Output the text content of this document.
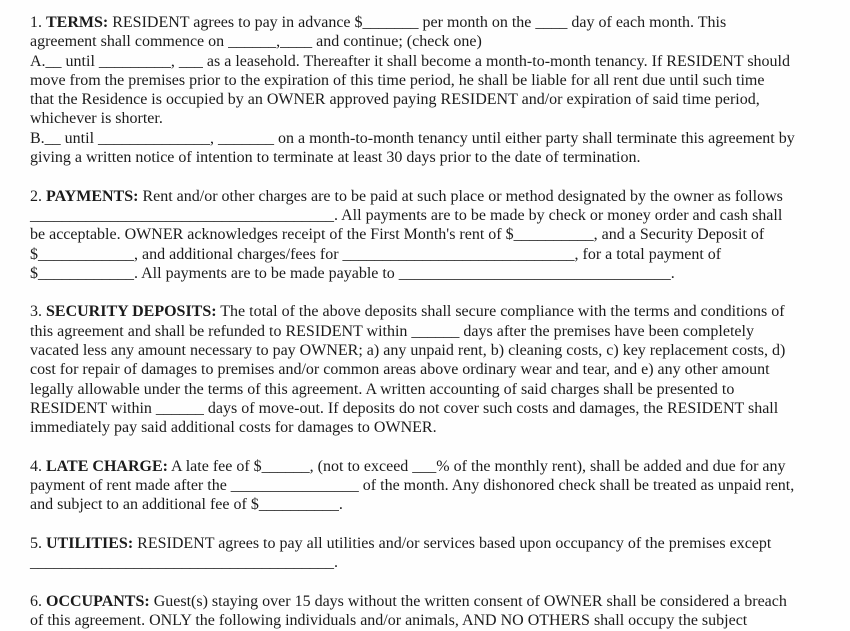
1. TERMS: RESIDENT agrees to pay in advance $_______ per month on the ____ day of each month. This
agreement shall commence on ______,____ and continue; (check one)
A.__ until _________, ___ as a leasehold. Thereafter it shall become a month-to-month tenancy. If RESIDENT should
move from the premises prior to the expiration of this time period, he shall be liable for all rent due until such time
that the Residence is occupied by an OWNER approved paying RESIDENT and/or expiration of said time period,
whichever is shorter.
B.__ until ______________, _______ on a month-to-month tenancy until either party shall terminate this agreement by
giving a written notice of intention to terminate at least 30 days prior to the date of termination.
2. PAYMENTS: Rent and/or other charges are to be paid at such place or method designated by the owner as follows
______________________________________. All payments are to be made by check or money order and cash shall
be acceptable. OWNER acknowledges receipt of the First Month's rent of $__________, and a Security Deposit of
$____________, and additional charges/fees for _____________________________, for a total payment of
$____________. All payments are to be made payable to __________________________________.
3. SECURITY DEPOSITS: The total of the above deposits shall secure compliance with the terms and conditions of
this agreement and shall be refunded to RESIDENT within ______ days after the premises have been completely
vacated less any amount necessary to pay OWNER; a) any unpaid rent, b) cleaning costs, c) key replacement costs, d)
cost for repair of damages to premises and/or common areas above ordinary wear and tear, and e) any other amount
legally allowable under the terms of this agreement. A written accounting of said charges shall be presented to
RESIDENT within ______ days of move-out. If deposits do not cover such costs and damages, the RESIDENT shall
immediately pay said additional costs for damages to OWNER.
4. LATE CHARGE: A late fee of $______, (not to exceed ___% of the monthly rent), shall be added and due for any
payment of rent made after the ________________ of the month. Any dishonored check shall be treated as unpaid rent,
and subject to an additional fee of $__________.
5. UTILITIES: RESIDENT agrees to pay all utilities and/or services based upon occupancy of the premises except
______________________________________.
6. OCCUPANTS: Guest(s) staying over 15 days without the written consent of OWNER shall be considered a breach
of this agreement. ONLY the following individuals and/or animals, AND NO OTHERS shall occupy the subject
